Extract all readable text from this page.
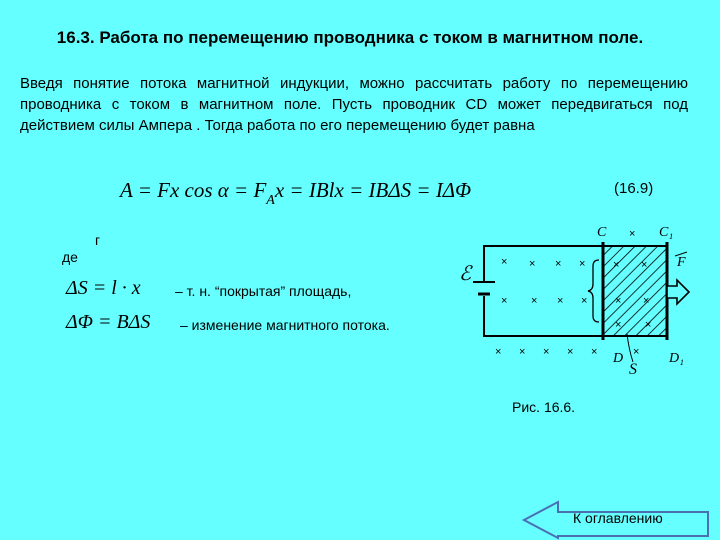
16.3. Работа по перемещению проводника с током в магнитном поле.
Введя понятие потока магнитной индукции, можно рассчитать работу по перемещению проводника с током в магнитном поле. Пусть проводник CD может передвигаться под действием силы Ампера . Тогда работа по его перемещению будет равна
A = Fx $\cos \alpha = F_Ax$ = IBlx = IBΔS = IΔΦ	(16.9)
г
де
ΔS = l · x – т. н. “покрытая” площадь,
ΔΦ = BΔS – изменение магнитного потока.
ℰ
× × × ×
× × × ×
× × × × ×
×
× ×
× ×
× ×
×
C	C₁
D	D₁
F
S
Рис. 16.6.
К оглавлению
